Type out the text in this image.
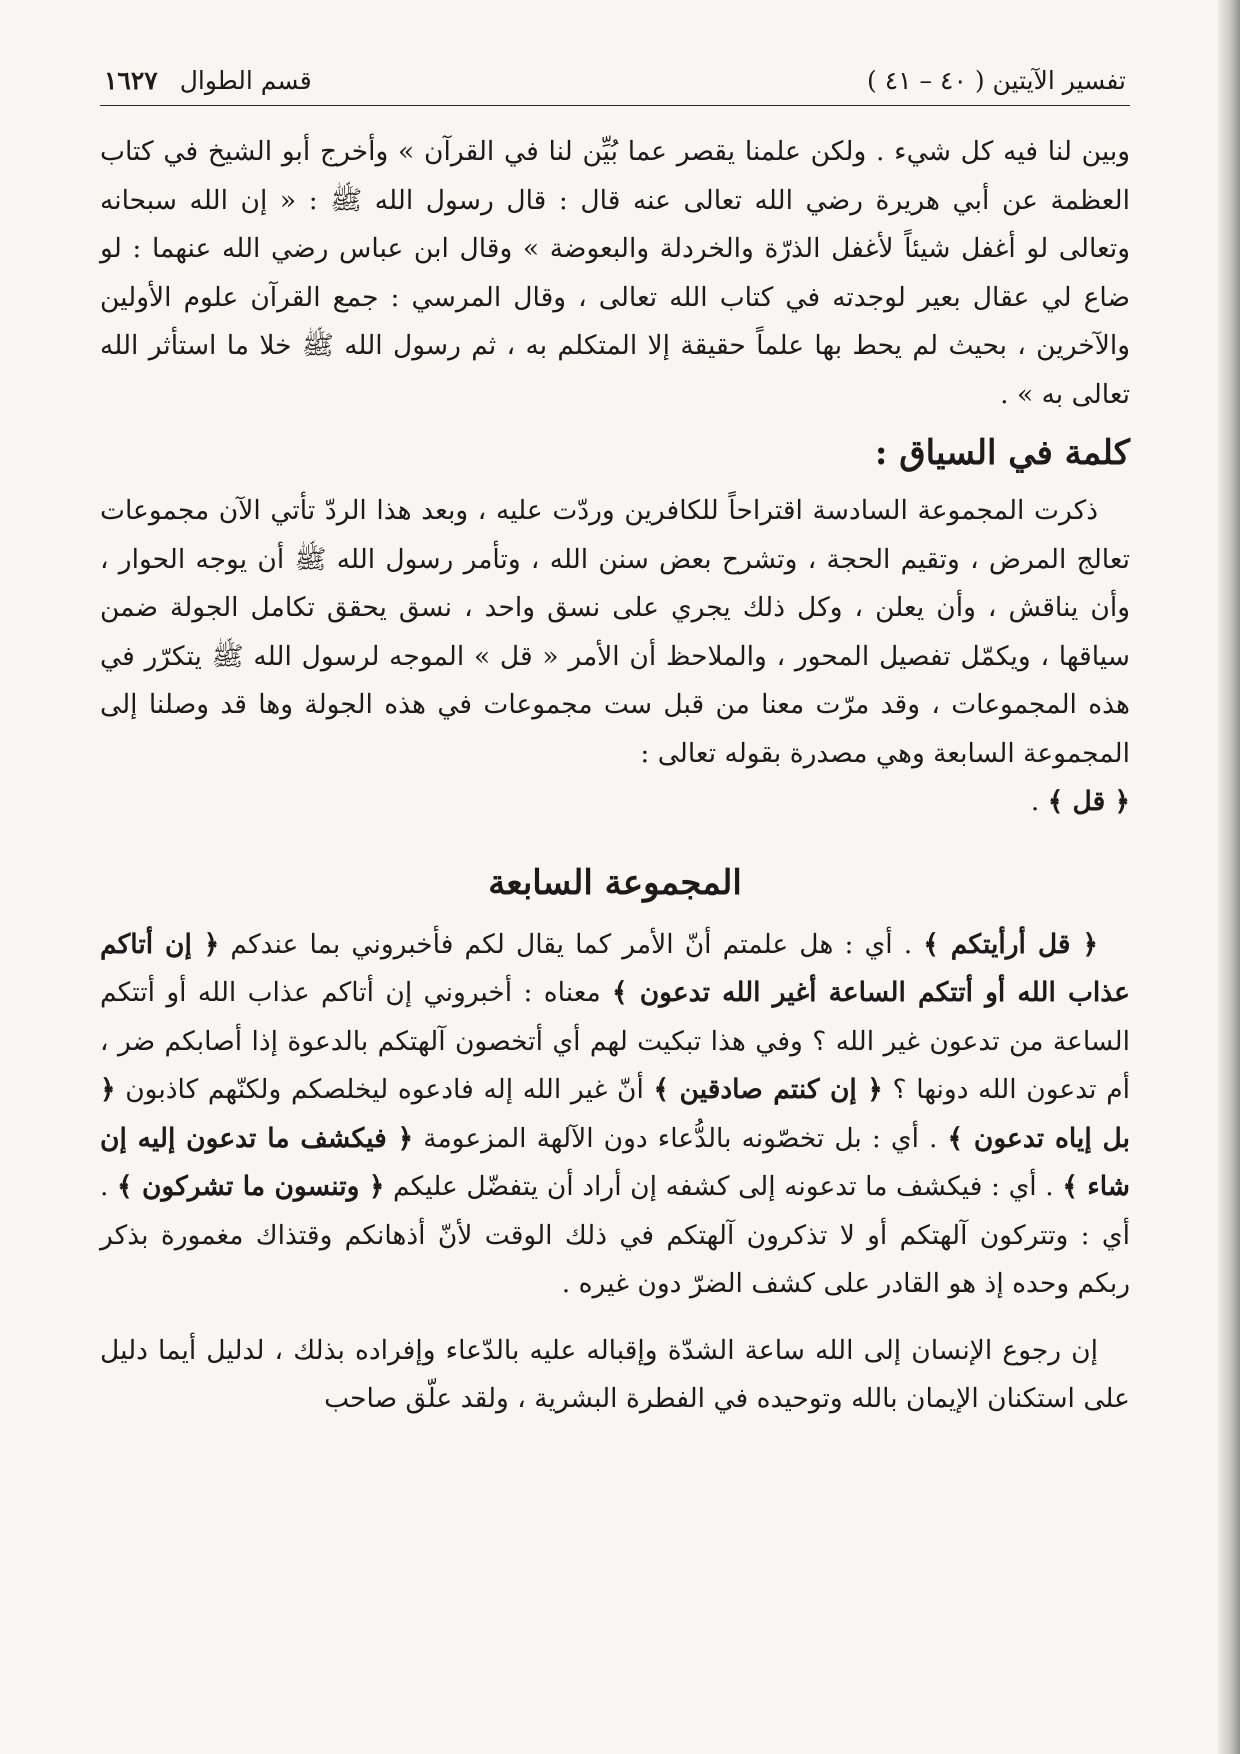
تفسير الآيتين ( ٤٠ – ٤١ )
قسم الطوال
١٦٢٧

وبين لنا فيه كل شيء . ولكن علمنا يقصر عما بُيِّن لنا في القرآن » وأخرج أبو الشيخ في كتاب العظمة عن أبي هريرة رضي الله تعالى عنه قال : قال رسول الله ﷺ : « إن الله سبحانه وتعالى لو أغفل شيئاً لأغفل الذرّة والخردلة والبعوضة » وقال ابن عباس رضي الله عنهما : لو ضاع لي عقال بعير لوجدته في كتاب الله تعالى ، وقال المرسي : جمع القرآن علوم الأولين والآخرين ، بحيث لم يحط بها علماً حقيقة إلا المتكلم به ، ثم رسول الله ﷺ خلا ما استأثر الله تعالى به » .

كلمة في السياق :

ذكرت المجموعة السادسة اقتراحاً للكافرين وردّت عليه ، وبعد هذا الردّ تأتي الآن مجموعات تعالج المرض ، وتقيم الحجة ، وتشرح بعض سنن الله ، وتأمر رسول الله ﷺ أن يوجه الحوار ، وأن يناقش ، وأن يعلن ، وكل ذلك يجري على نسق واحد ، نسق يحقق تكامل الجولة ضمن سياقها ، ويكمّل تفصيل المحور ، والملاحظ أن الأمر « قل » الموجه لرسول الله ﷺ يتكرّر في هذه المجموعات ، وقد مرّت معنا من قبل ست مجموعات في هذه الجولة وها قد وصلنا إلى المجموعة السابعة وهي مصدرة بقوله تعالى :
﴿ قل ﴾ .

المجموعة السابعة

﴿ قل أرأيتكم ﴾ . أي : هل علمتم أنّ الأمر كما يقال لكم فأخبروني بما عندكم ﴿ إن أتاكم عذاب الله أو أتتكم الساعة أغير الله تدعون ﴾ معناه : أخبروني إن أتاكم عذاب الله أو أتتكم الساعة من تدعون غير الله ؟ وفي هذا تبكيت لهم أي أتخصون آلهتكم بالدعوة إذا أصابكم ضر ، أم تدعون الله دونها ؟ ﴿ إن كنتم صادقين ﴾ أنّ غير الله إله فادعوه ليخلصكم ولكنّهم كاذبون ﴿ بل إياه تدعون ﴾ . أي : بل تخصّونه بالدُّعاء دون الآلهة المزعومة ﴿ فيكشف ما تدعون إليه إن شاء ﴾ . أي : فيكشف ما تدعونه إلى كشفه إن أراد أن يتفضّل عليكم ﴿ وتنسون ما تشركون ﴾ . أي : وتتركون آلهتكم أو لا تذكرون آلهتكم في ذلك الوقت لأنّ أذهانكم وقتذاك مغمورة بذكر ربكم وحده إذ هو القادر على كشف الضرّ دون غيره .

إن رجوع الإنسان إلى الله ساعة الشدّة وإقباله عليه بالدّعاء وإفراده بذلك ، لدليل أيما دليل على استكنان الإيمان بالله وتوحيده في الفطرة البشرية ، ولقد علّق صاحب
